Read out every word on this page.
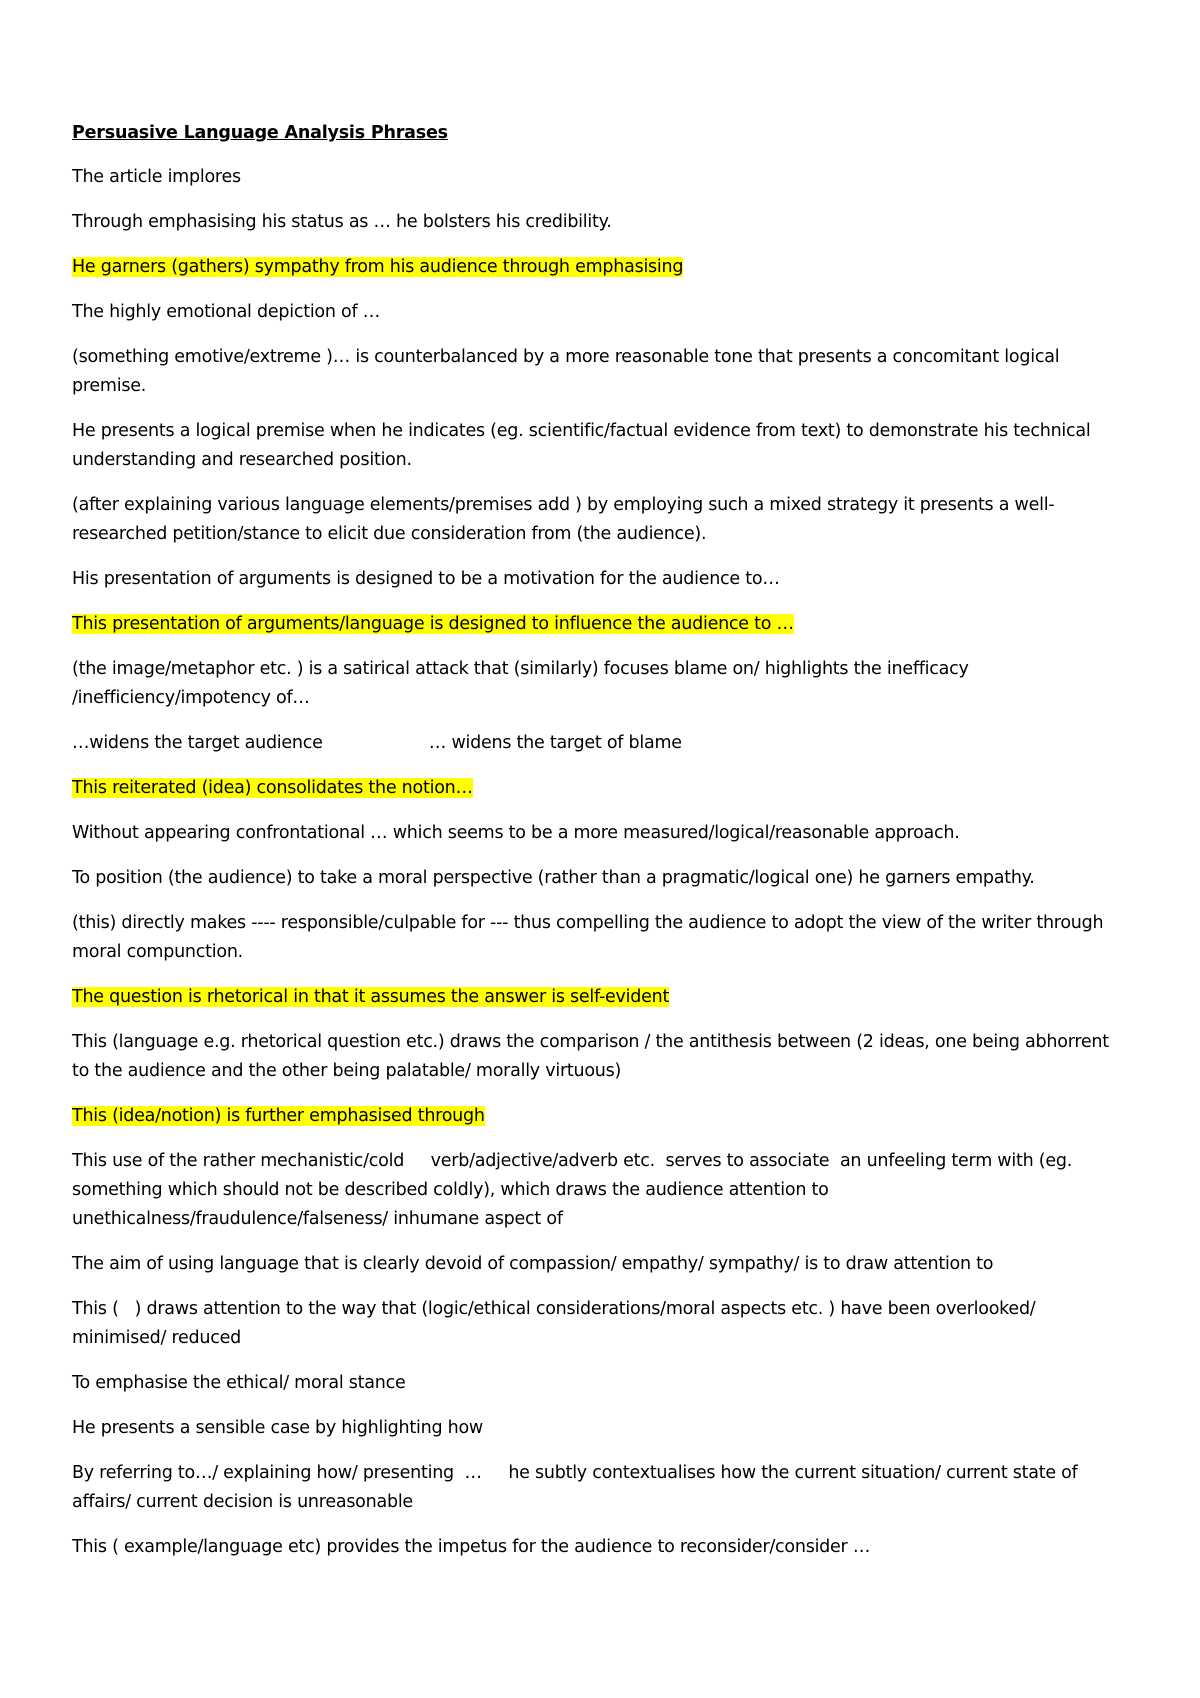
Persuasive Language Analysis Phrases
The article implores
Through emphasising his status as … he bolsters his credibility.
He garners (gathers) sympathy from his audience through emphasising
The highly emotional depiction of …
(something emotive/extreme )… is counterbalanced by a more reasonable tone that presents a concomitant logical premise.
He presents a logical premise when he indicates (eg. scientific/factual evidence from text) to demonstrate his technical understanding and researched position.
(after explaining various language elements/premises add ) by employing such a mixed strategy it presents a well-researched petition/stance to elicit due consideration from (the audience).
His presentation of arguments is designed to be a motivation for the audience to…
This presentation of arguments/language is designed to influence the audience to …
(the image/metaphor etc. ) is a satirical attack that (similarly) focuses blame on/ highlights the inefficacy /inefficiency/impotency of…
…widens the target audience                    … widens the target of blame
This reiterated (idea) consolidates the notion…
Without appearing confrontational … which seems to be a more measured/logical/reasonable approach.
To position (the audience) to take a moral perspective (rather than a pragmatic/logical one) he garners empathy.
(this) directly makes ---- responsible/culpable for --- thus compelling the audience to adopt the view of the writer through moral compunction.
The question is rhetorical in that it assumes the answer is self-evident
This (language e.g. rhetorical question etc.) draws the comparison / the antithesis between (2 ideas, one being abhorrent to the audience and the other being palatable/ morally virtuous)
This (idea/notion) is further emphasised through
This use of the rather mechanistic/cold     verb/adjective/adverb etc.  serves to associate  an unfeeling term with (eg. something which should not be described coldly), which draws the audience attention to unethicalness/fraudulence/falseness/ inhumane aspect of
The aim of using language that is clearly devoid of compassion/ empathy/ sympathy/ is to draw attention to
This (   ) draws attention to the way that (logic/ethical considerations/moral aspects etc. ) have been overlooked/ minimised/ reduced
To emphasise the ethical/ moral stance
He presents a sensible case by highlighting how
By referring to…/ explaining how/ presenting  …     he subtly contextualises how the current situation/ current state of affairs/ current decision is unreasonable
This ( example/language etc) provides the impetus for the audience to reconsider/consider …
